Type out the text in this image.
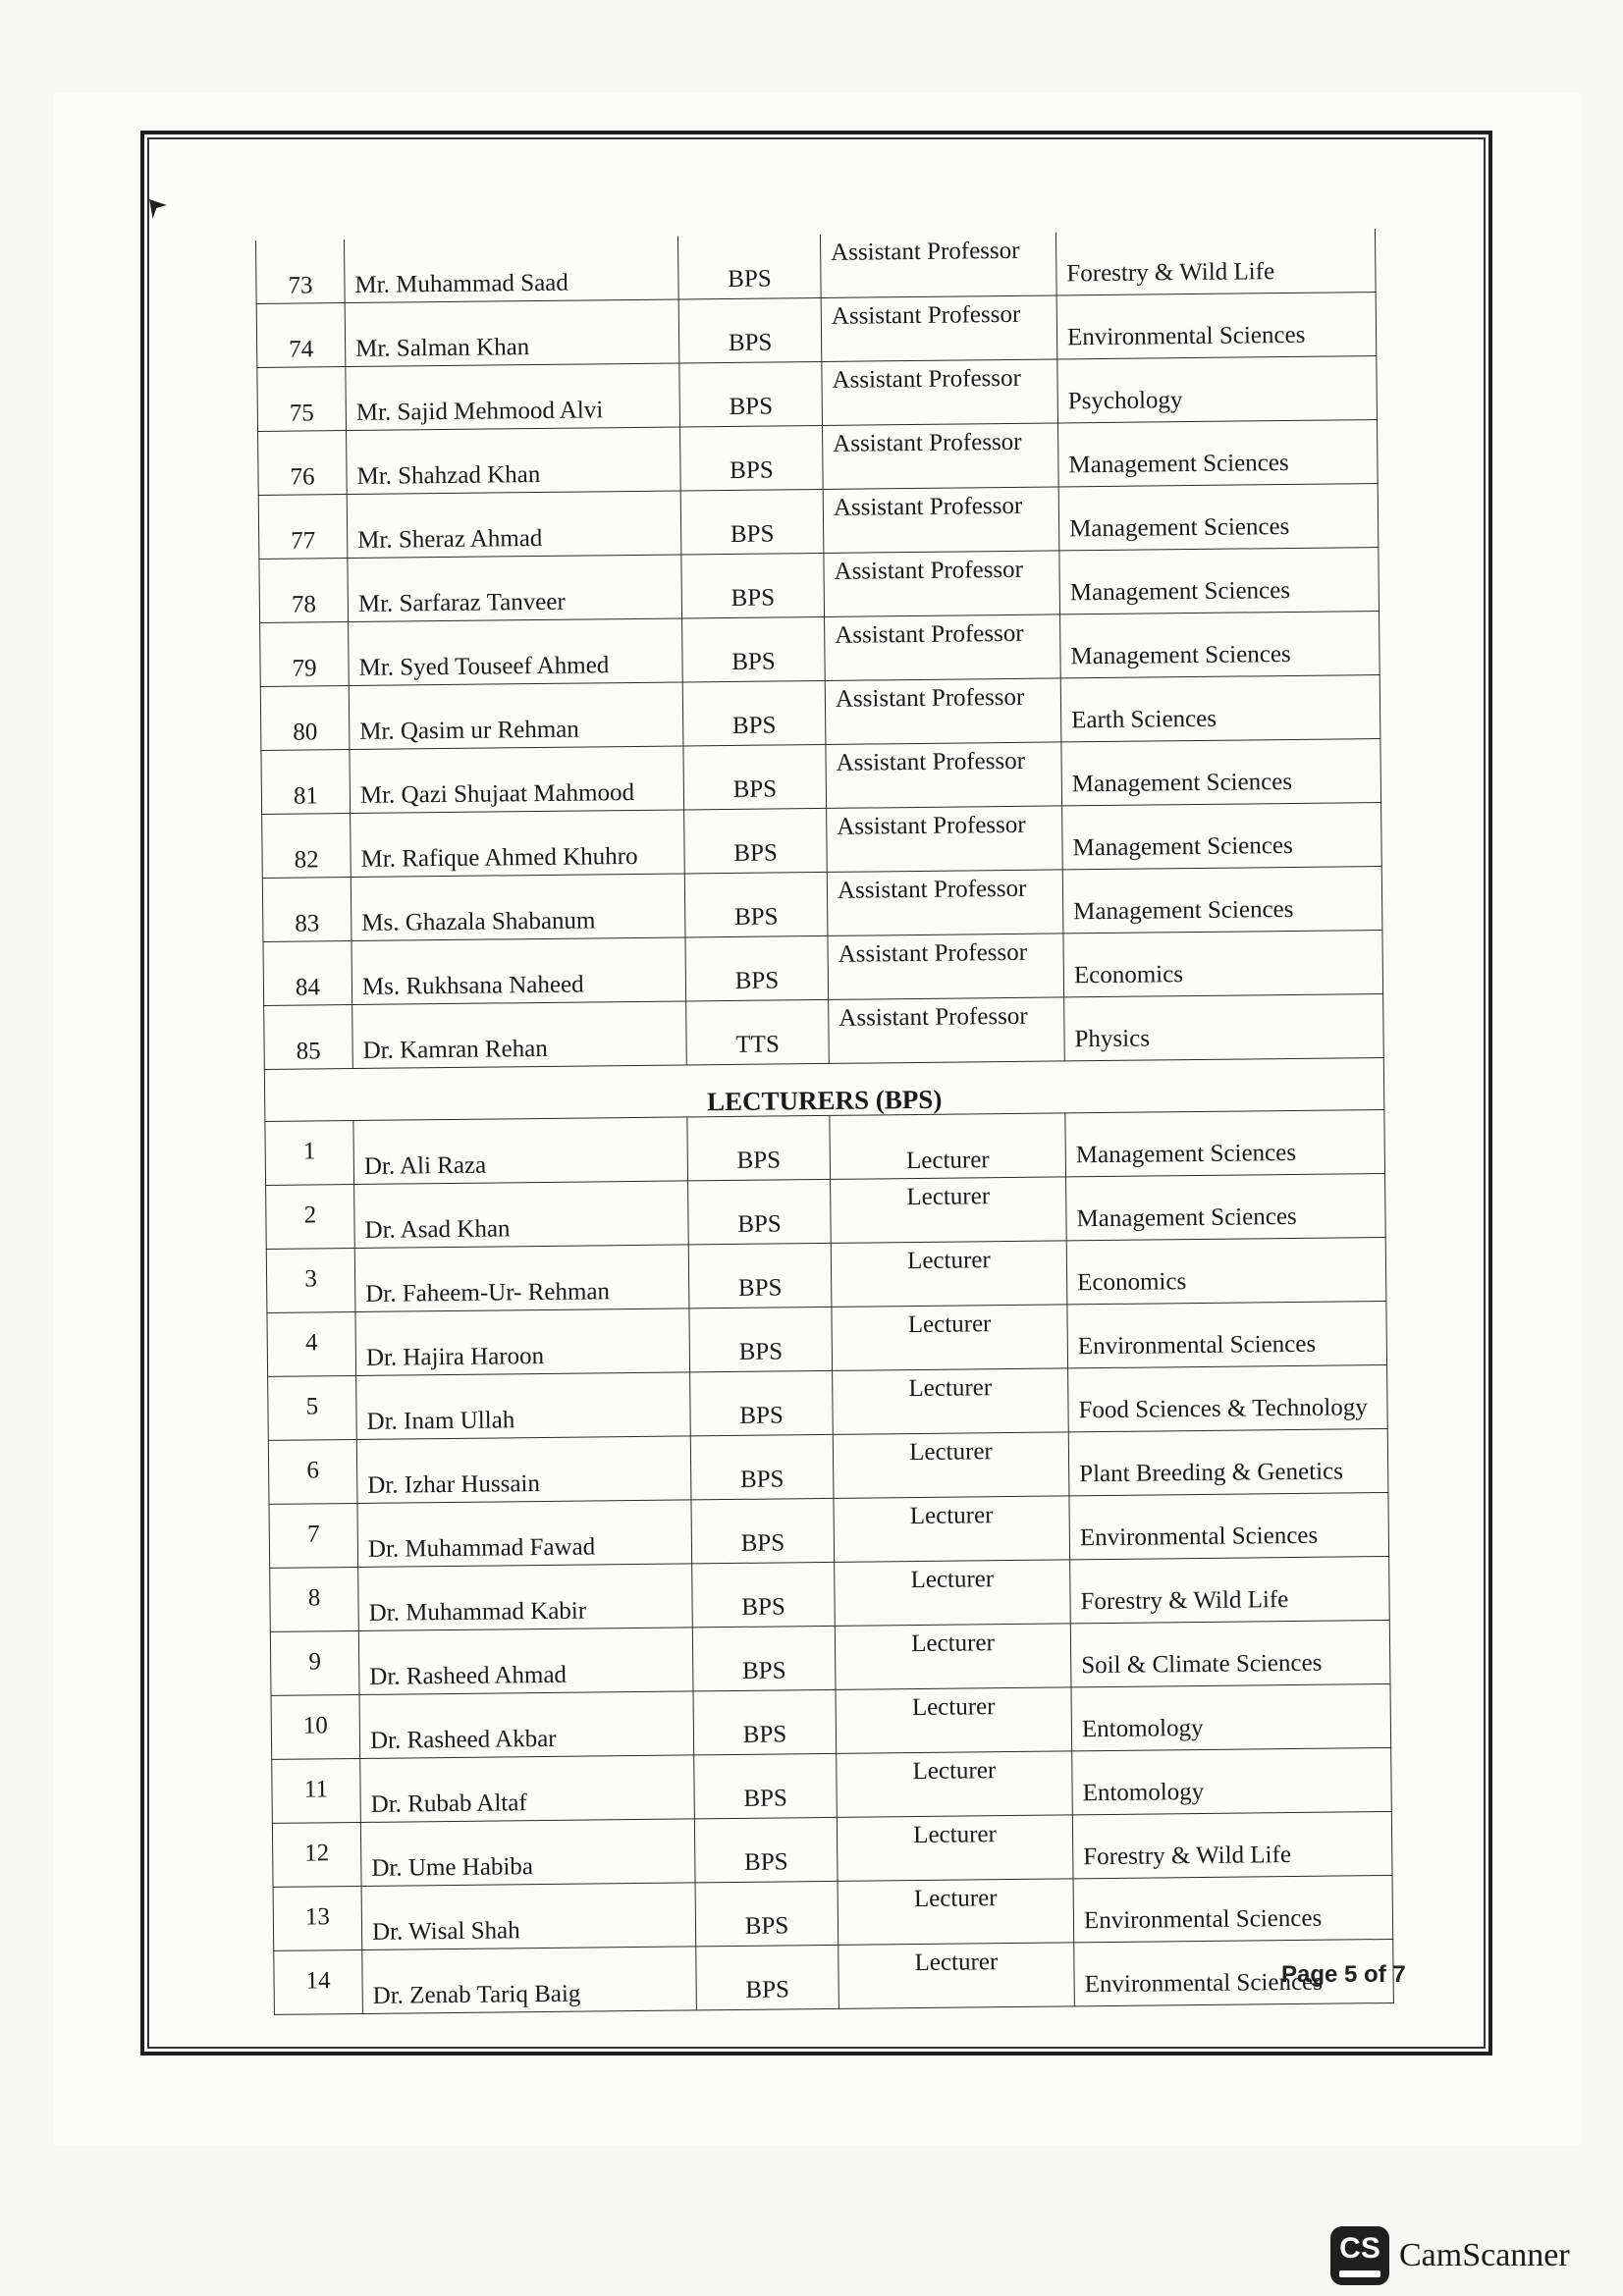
73	Mr. Muhammad Saad	BPS	Assistant Professor	Forestry & Wild Life
74	Mr. Salman Khan	BPS	Assistant Professor	Environmental Sciences
75	Mr. Sajid Mehmood Alvi	BPS	Assistant Professor	Psychology
76	Mr. Shahzad Khan	BPS	Assistant Professor	Management Sciences
77	Mr. Sheraz Ahmad	BPS	Assistant Professor	Management Sciences
78	Mr. Sarfaraz Tanveer	BPS	Assistant Professor	Management Sciences
79	Mr. Syed Touseef Ahmed	BPS	Assistant Professor	Management Sciences
80	Mr. Qasim ur Rehman	BPS	Assistant Professor	Earth Sciences
81	Mr. Qazi Shujaat Mahmood	BPS	Assistant Professor	Management Sciences
82	Mr. Rafique Ahmed Khuhro	BPS	Assistant Professor	Management Sciences
83	Ms. Ghazala Shabanum	BPS	Assistant Professor	Management Sciences
84	Ms. Rukhsana Naheed	BPS	Assistant Professor	Economics
85	Dr. Kamran Rehan	TTS	Assistant Professor	Physics
LECTURERS (BPS)				
1	Dr. Ali Raza	BPS	Lecturer	Management Sciences
2	Dr. Asad Khan	BPS	Lecturer	Management Sciences
3	Dr. Faheem-Ur- Rehman	BPS	Lecturer	Economics
4	Dr. Hajira Haroon	BPS	Lecturer	Environmental Sciences
5	Dr. Inam Ullah	BPS	Lecturer	Food Sciences & Technology
6	Dr. Izhar Hussain	BPS	Lecturer	Plant Breeding & Genetics
7	Dr. Muhammad Fawad	BPS	Lecturer	Environmental Sciences
8	Dr. Muhammad Kabir	BPS	Lecturer	Forestry & Wild Life
9	Dr. Rasheed Ahmad	BPS	Lecturer	Soil & Climate Sciences
10	Dr. Rasheed Akbar	BPS	Lecturer	Entomology
11	Dr. Rubab Altaf	BPS	Lecturer	Entomology
12	Dr. Ume Habiba	BPS	Lecturer	Forestry & Wild Life
13	Dr. Wisal Shah	BPS	Lecturer	Environmental Sciences
14	Dr. Zenab Tariq Baig	BPS	Lecturer	Environmental Sciences
Page 5 of 7
CS CamScanner
